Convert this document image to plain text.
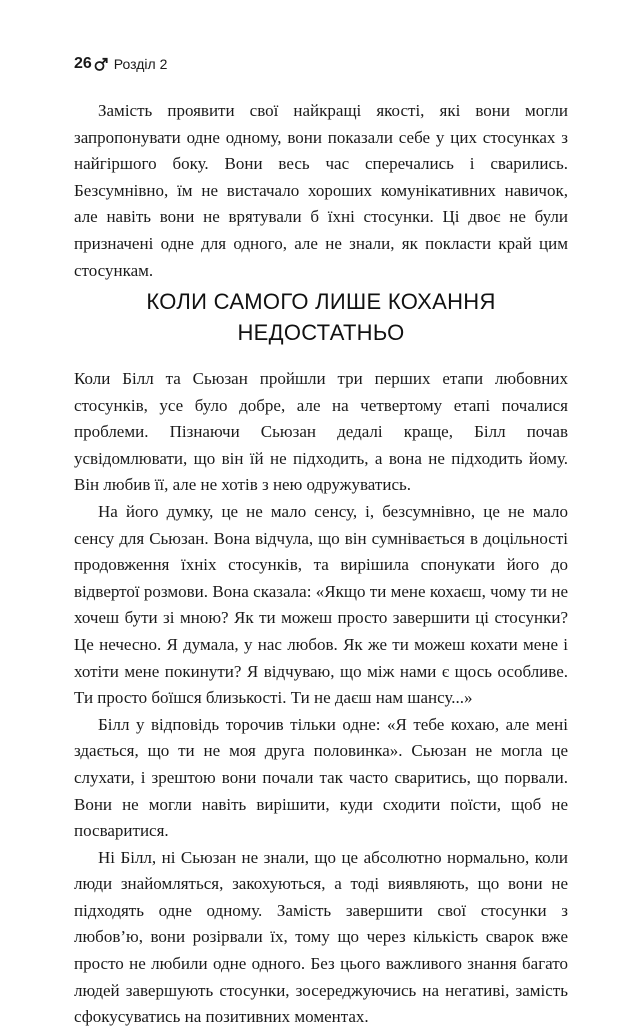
26 Розділ 2

Замість проявити свої найкращі якості, які вони могли запропонувати одне одному, вони показали себе у цих стосунках з найгіршого боку. Вони весь час сперечались і сварились. Безсумнівно, їм не вистачало хороших комунікативних навичок, але навіть вони не врятували б їхні стосунки. Ці двоє не були призначені одне для одного, але не знали, як покласти край цим стосункам.

КОЛИ САМОГО ЛИШЕ КОХАННЯ
НЕДОСТАТНЬО

Коли Білл та Сьюзан пройшли три перших етапи любовних стосунків, усе було добре, але на четвертому етапі почалися проблеми. Пізнаючи Сьюзан дедалі краще, Білл почав усвідомлювати, що він їй не підходить, а вона не підходить йому. Він любив її, але не хотів з нею одружуватись.

На його думку, це не мало сенсу, і, безсумнівно, це не мало сенсу для Сьюзан. Вона відчула, що він сумнівається в доцільності продовження їхніх стосунків, та вирішила спонукати його до відвертої розмови. Вона сказала: «Якщо ти мене кохаєш, чому ти не хочеш бути зі мною? Як ти можеш просто завершити ці стосунки? Це нечесно. Я думала, у нас любов. Як же ти можеш кохати мене і хотіти мене покинути? Я відчуваю, що між нами є щось особливе. Ти просто боїшся близькості. Ти не даєш нам шансу...»

Білл у відповідь торочив тільки одне: «Я тебе кохаю, але мені здається, що ти не моя друга половинка». Сьюзан не могла це слухати, і зрештою вони почали так часто сваритись, що порвали. Вони не могли навіть вирішити, куди сходити поїсти, щоб не посваритися.

Ні Білл, ні Сьюзан не знали, що це абсолютно нормально, коли люди знайомляться, закохуються, а тоді виявляють, що вони не підходять одне одному. Замість завершити свої стосунки з любов’ю, вони розірвали їх, тому що через кількість сварок вже просто не любили одне одного. Без цього важливого знання багато людей завершують стосунки, зосереджуючись на негативі, замість сфокусуватись на позитивних моментах.
